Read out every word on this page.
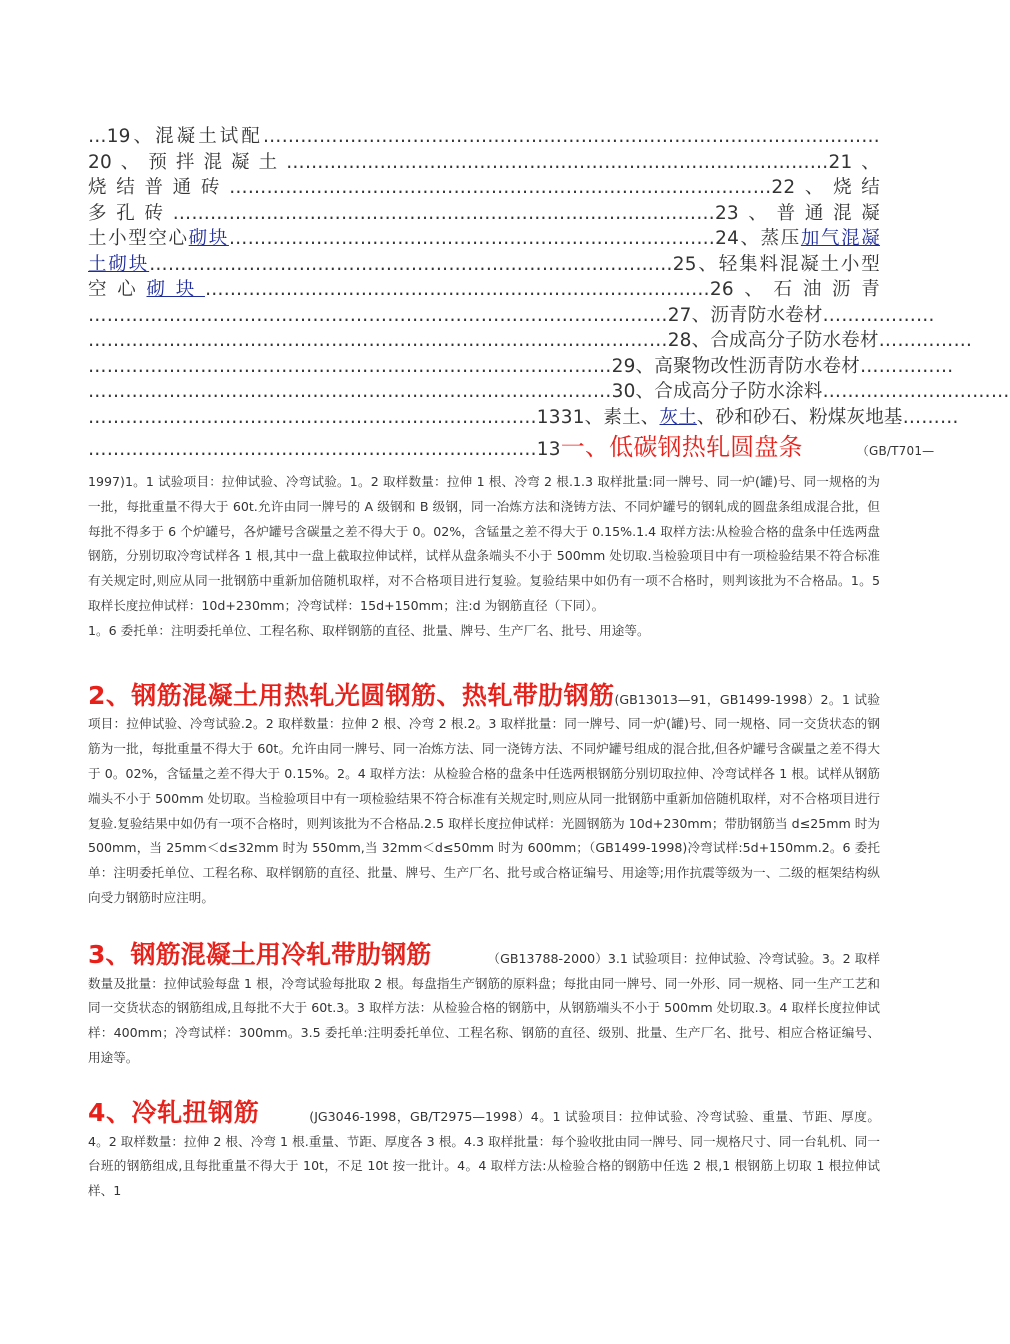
…19、混凝土试配………………………………………………………………………………………
20、预拌混凝土……………………………………………………………………………21、
烧结普通砖……………………………………………………………………………22、烧结
多孔砖……………………………………………………………………………23、普通混凝
土小型空心砌块……………………………………………………………………24、蒸压加气混凝
土砌块…………………………………………………………………………25、轻集料混凝土小型
空心砌块………………………………………………………………………26、石油沥青
…………………………………………………………………………………27、沥青防水卷材………………
…………………………………………………………………………………28、合成高分子防水卷材……………
…………………………………………………………………………29、高聚物改性沥青防水卷材……………
…………………………………………………………………………30、合成高分子防水涂料…………………………
………………………………………………………………1331、素土、灰土、砂和砂石、粉煤灰地基………
………………………………………………………………13一、低碳钢热轧圆盘条	（GB/T701—

1997)1。1 试验项目：拉伸试验、冷弯试验。1。2 取样数量：拉伸 1 根、冷弯 2 根.1.3 取样批量:同一牌号、同一炉(罐)号、同一规格的为一批，每批重量不得大于 60t.允许由同一牌号的 A 级钢和 B 级钢，同一冶炼方法和浇铸方法、不同炉罐号的钢轧成的圆盘条组成混合批，但每批不得多于 6 个炉罐号，各炉罐号含碳量之差不得大于 0。02%，含锰量之差不得大于 0.15%.1.4 取样方法:从检验合格的盘条中任选两盘钢筋，分别切取冷弯试样各 1 根,其中一盘上截取拉伸试样，试样从盘条端头不小于 500mm 处切取.当检验项目中有一项检验结果不符合标准有关规定时,则应从同一批钢筋中重新加倍随机取样，对不合格项目进行复验。复验结果中如仍有一项不合格时，则判该批为不合格品。1。5 取样长度拉伸试样：10d+230mm；冷弯试样：15d+150mm；注:d 为钢筋直径（下同）。

1。6 委托单：注明委托单位、工程名称、取样钢筋的直径、批量、牌号、生产厂名、批号、用途等。

2、钢筋混凝土用热轧光圆钢筋、热轧带肋钢筋(GB13013—91，GB1499-1998）2。1 试验项目：拉伸试验、冷弯试验.2。2 取样数量：拉伸 2 根、冷弯 2 根.2。3 取样批量：同一牌号、同一炉(罐)号、同一规格、同一交货状态的钢筋为一批，每批重量不得大于 60t。允许由同一牌号、同一冶炼方法、同一浇铸方法、不同炉罐号组成的混合批,但各炉罐号含碳量之差不得大于 0。02%，含锰量之差不得大于 0.15%。2。4 取样方法：从检验合格的盘条中任选两根钢筋分别切取拉伸、冷弯试样各 1 根。试样从钢筋端头不小于 500mm 处切取。当检验项目中有一项检验结果不符合标准有关规定时,则应从同一批钢筋中重新加倍随机取样，对不合格项目进行复验.复验结果中如仍有一项不合格时，则判该批为不合格品.2.5 取样长度拉伸试样：光圆钢筋为 10d+230mm；带肋钢筋当 d≤25mm 时为 500mm，当 25mm＜d≤32mm 时为 550mm,当 32mm＜d≤50mm 时为 600mm；（GB1499-1998)冷弯试样:5d+150mm.2。6 委托单：注明委托单位、工程名称、取样钢筋的直径、批量、牌号、生产厂名、批号或合格证编号、用途等;用作抗震等级为一、二级的框架结构纵向受力钢筋时应注明。

3、钢筋混凝土用冷轧带肋钢筋	（GB13788-2000）3.1 试验项目：拉伸试验、冷弯试验。3。2 取样数量及批量：拉伸试验每盘 1 根，冷弯试验每批取 2 根。每盘指生产钢筋的原料盘；每批由同一牌号、同一外形、同一规格、同一生产工艺和同一交货状态的钢筋组成,且每批不大于 60t.3。3 取样方法：从检验合格的钢筋中，从钢筋端头不小于 500mm 处切取.3。4 取样长度拉伸试样：400mm；冷弯试样：300mm。3.5 委托单:注明委托单位、工程名称、钢筋的直径、级别、批量、生产厂名、批号、相应合格证编号、用途等。

4、冷轧扭钢筋	(JG3046-1998，GB/T2975—1998）4。1 试验项目：拉伸试验、冷弯试验、重量、节距、厚度。4。2 取样数量：拉伸 2 根、冷弯 1 根.重量、节距、厚度各 3 根。4.3 取样批量：每个验收批由同一牌号、同一规格尺寸、同一台轧机、同一台班的钢筋组成,且每批重量不得大于 10t，不足 10t 按一批计。4。4 取样方法:从检验合格的钢筋中任选 2 根,1 根钢筋上切取 1 根拉伸试样、1
